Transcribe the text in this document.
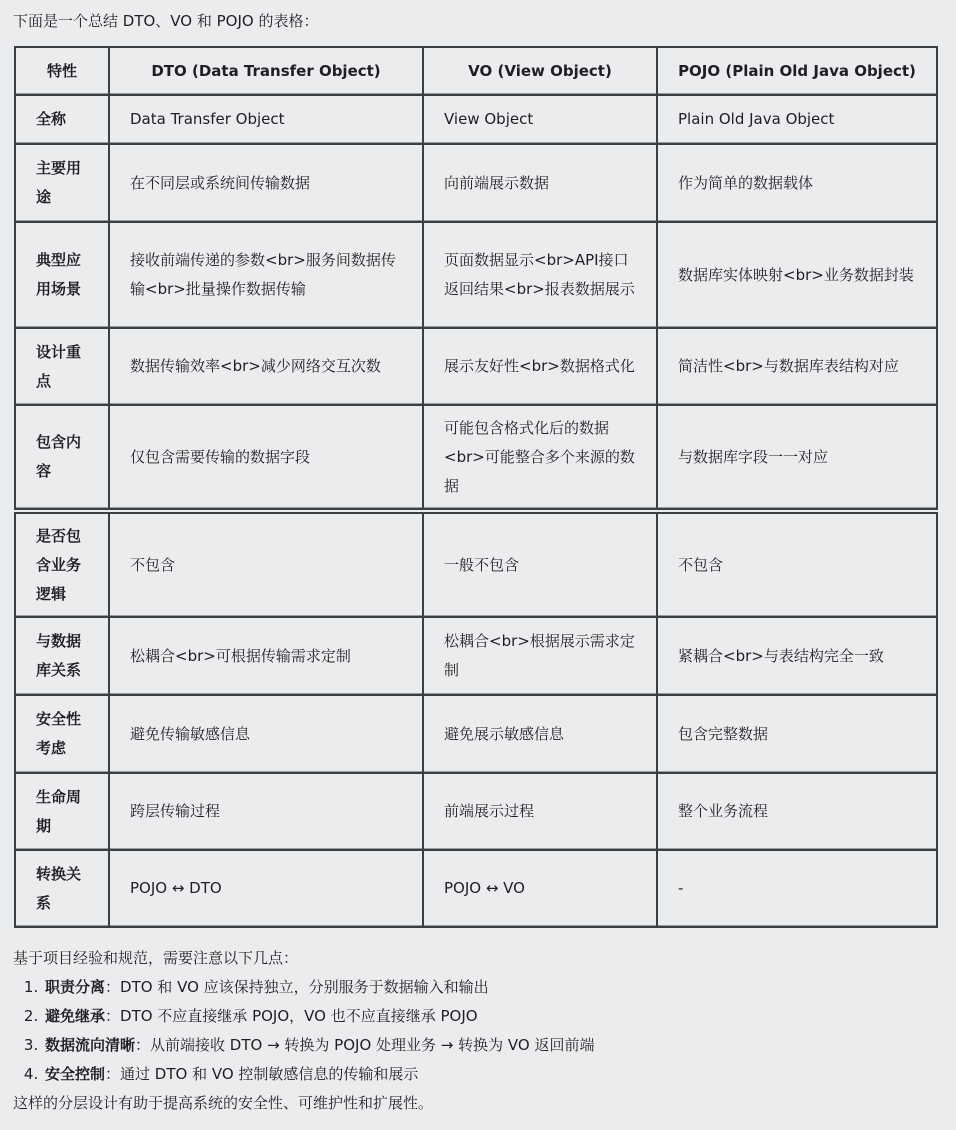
下面是一个总结 DTO、VO 和 POJO 的表格：
特性	DTO (Data Transfer Object)	VO (View Object)	POJO (Plain Old Java Object)
全称	Data Transfer Object	View Object	Plain Old Java Object
主要用途	在不同层或系统间传输数据	向前端展示数据	作为简单的数据载体
典型应用场景	接收前端传递的参数<br>服务间数据传输<br>批量操作数据传输	页面数据显示<br>API接口返回结果<br>报表数据展示	数据库实体映射<br>业务数据封装
设计重点	数据传输效率<br>减少网络交互次数	展示友好性<br>数据格式化	简洁性<br>与数据库表结构对应
包含内容	仅包含需要传输的数据字段	可能包含格式化后的数据<br>可能整合多个来源的数据	与数据库字段一一对应
是否包含业务逻辑	不包含	一般不包含	不包含
与数据库关系	松耦合<br>可根据传输需求定制	松耦合<br>根据展示需求定制	紧耦合<br>与表结构完全一致
安全性考虑	避免传输敏感信息	避免展示敏感信息	包含完整数据
生命周期	跨层传输过程	前端展示过程	整个业务流程
转换关系	POJO ↔ DTO	POJO ↔ VO	-
基于项目经验和规范，需要注意以下几点：
1. 职责分离：DTO 和 VO 应该保持独立，分别服务于数据输入和输出
2. 避免继承：DTO 不应直接继承 POJO，VO 也不应直接继承 POJO
3. 数据流向清晰：从前端接收 DTO → 转换为 POJO 处理业务 → 转换为 VO 返回前端
4. 安全控制：通过 DTO 和 VO 控制敏感信息的传输和展示
这样的分层设计有助于提高系统的安全性、可维护性和扩展性。
